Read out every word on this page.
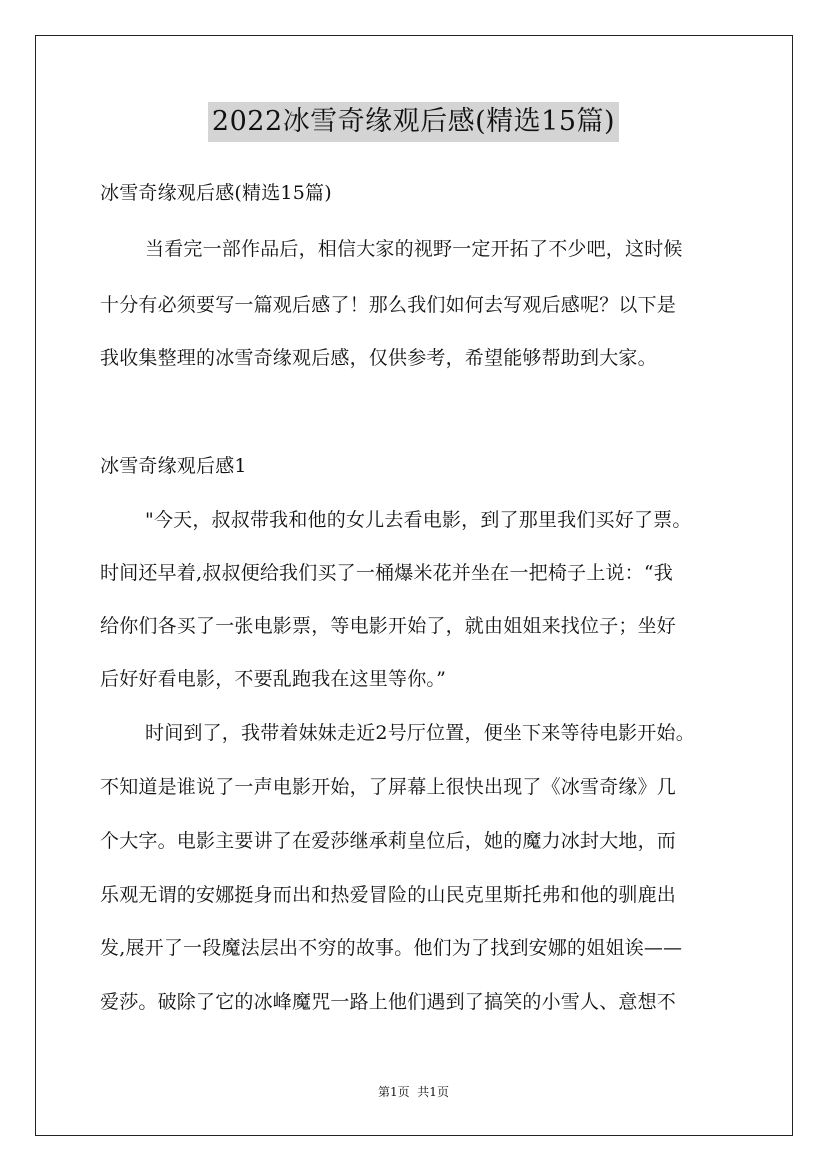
2022冰雪奇缘观后感(精选15篇)
冰雪奇缘观后感(精选15篇)
当看完一部作品后，相信大家的视野一定开拓了不少吧，这时候
十分有必须要写一篇观后感了！那么我们如何去写观后感呢？以下是
我收集整理的冰雪奇缘观后感，仅供参考，希望能够帮助到大家。
冰雪奇缘观后感1
"今天，叔叔带我和他的女儿去看电影，到了那里我们买好了票。
时间还早着,叔叔便给我们买了一桶爆米花并坐在一把椅子上说：“我
给你们各买了一张电影票，等电影开始了，就由姐姐来找位子；坐好
后好好看电影，不要乱跑我在这里等你。”
时间到了，我带着妹妹走近2号厅位置，便坐下来等待电影开始。
不知道是谁说了一声电影开始，了屏幕上很快出现了《冰雪奇缘》几
个大字。电影主要讲了在爱莎继承莉皇位后，她的魔力冰封大地，而
乐观无谓的安娜挺身而出和热爱冒险的山民克里斯托弗和他的驯鹿出
发,展开了一段魔法层出不穷的故事。他们为了找到安娜的姐姐诶——
爱莎。破除了它的冰峰魔咒一路上他们遇到了搞笑的小雪人、意想不
第1页  共1页
